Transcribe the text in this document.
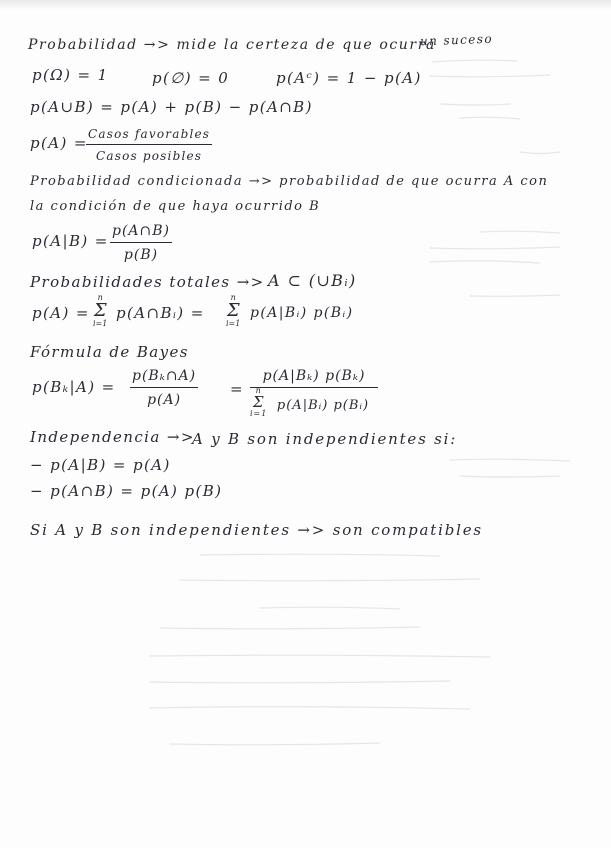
Probabilidad →> mide la certeza de que ocurra
un suceso
p(Ω) = 1	p(∅) = 0	p(Aᶜ) = 1 − p(A)
p(A∪B) = p(A) + p(B) − p(A∩B)
p(A) = Casos favorables
Casos posibles
Probabilidad condicionada →> probabilidad de que ocurra A con
la condición de que haya ocurrido B
$p(A|B) = \frac{p(A\cap B)}{p(B)}$
Probabilidades totales →> A ⊂ (∪Bᵢ)
p(A) =
n
Σ
i=1
p(A∩Bᵢ) =
n
Σ
i=1
p(A|Bᵢ) p(Bᵢ)
Fórmula de Bayes
$p(B_k|A) = \frac{\text{p(Bₖ∩A)}}{p(A)} = p(A|B_k)$ p(Bₖ)
n
Σ
i=1
p(A|Bᵢ) p(Bᵢ)
Independencia →>
A y B son independientes si:
− p(A|B) = p(A)
− p(A∩B) = p(A) p(B)
Si A y B son independientes →> son compatibles
